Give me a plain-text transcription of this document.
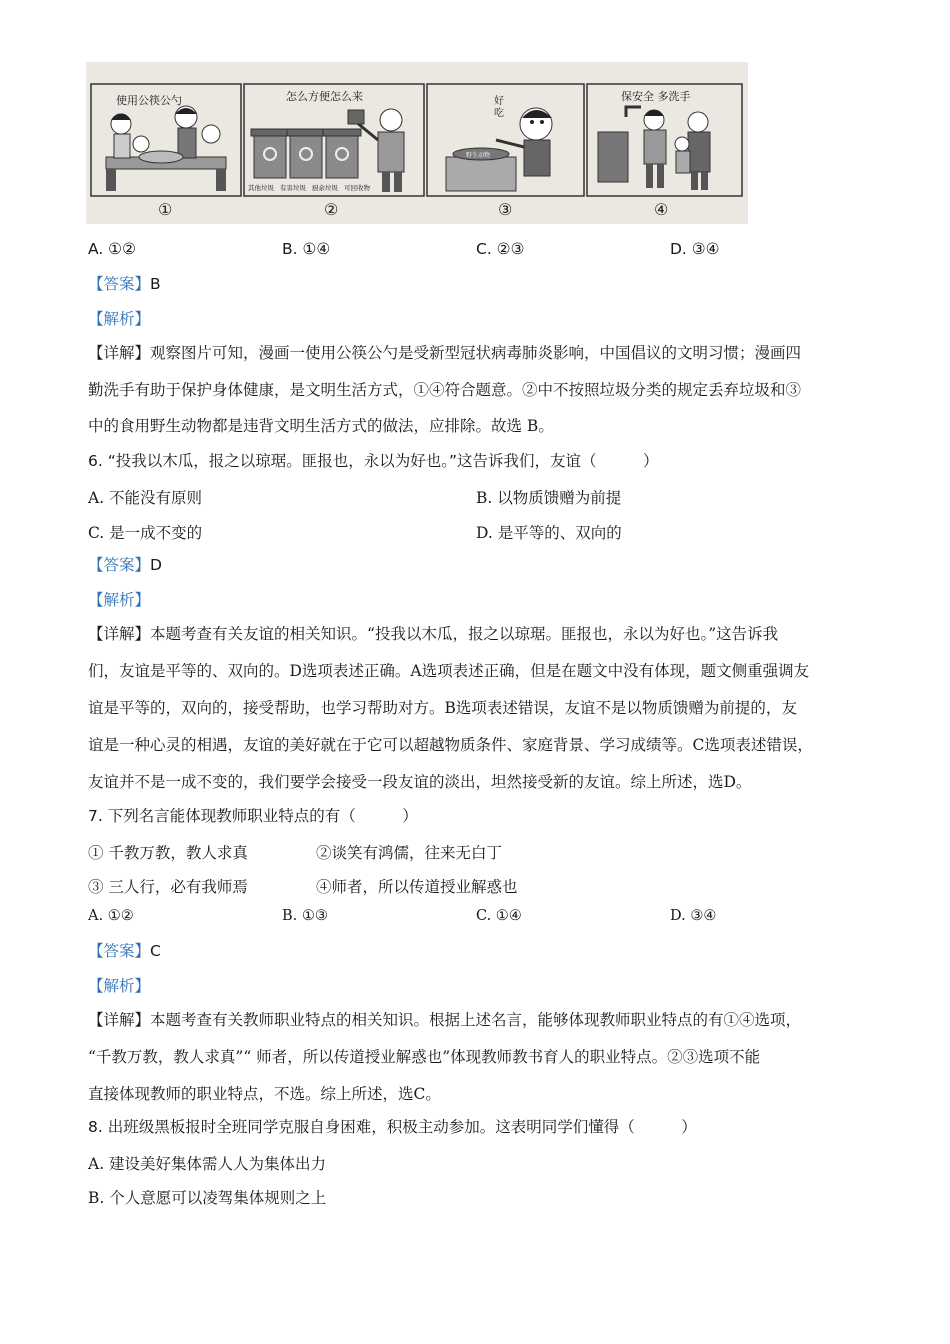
使用公筷公勺	怎么方便怎么来	好吃
保安全 多洗手
其他垃圾 有害垃圾 厨余垃圾 可回收物
野生动物
①	②	③	④
A. ①②	B. ①④	C. ②③	D. ③④
【答案】B
【解析】
【详解】观察图片可知，漫画一使用公筷公勺是受新型冠状病毒肺炎影响，中国倡议的文明习惯；漫画四
勤洗手有助于保护身体健康，是文明生活方式，①④符合题意。②中不按照垃圾分类的规定丢弃垃圾和③
中的食用野生动物都是违背文明生活方式的做法，应排除。故选 B。
6. “投我以木瓜，报之以琼琚。匪报也，永以为好也。”这告诉我们，友谊（　　　）
A. 不能没有原则	B. 以物质馈赠为前提
C. 是一成不变的	D. 是平等的、双向的
【答案】D
【解析】
【详解】本题考查有关友谊的相关知识。“投我以木瓜，报之以琼琚。匪报也，永以为好也。”这告诉我
们，友谊是平等的、双向的。D选项表述正确。A选项表述正确，但是在题文中没有体现，题文侧重强调友
谊是平等的，双向的，接受帮助，也学习帮助对方。B选项表述错误，友谊不是以物质馈赠为前提的，友
谊是一种心灵的相遇，友谊的美好就在于它可以超越物质条件、家庭背景、学习成绩等。C选项表述错误，
友谊并不是一成不变的，我们要学会接受一段友谊的淡出，坦然接受新的友谊。综上所述，选D。
7. 下列名言能体现教师职业特点的有（　　　）
① 千教万教，教人求真	②谈笑有鸿儒，往来无白丁
③ 三人行，必有我师焉	④师者，所以传道授业解惑也
A. ①②	B. ①③	C. ①④	D. ③④
【答案】C
【解析】
【详解】本题考查有关教师职业特点的相关知识。根据上述名言，能够体现教师职业特点的有①④选项，
“千教万教，教人求真”“ 师者，所以传道授业解惑也”体现教师教书育人的职业特点。②③选项不能
直接体现教师的职业特点，不选。综上所述，选C。
8. 出班级黑板报时全班同学克服自身困难，积极主动参加。这表明同学们懂得（　　　）
A. 建设美好集体需人人为集体出力
B. 个人意愿可以凌驾集体规则之上
